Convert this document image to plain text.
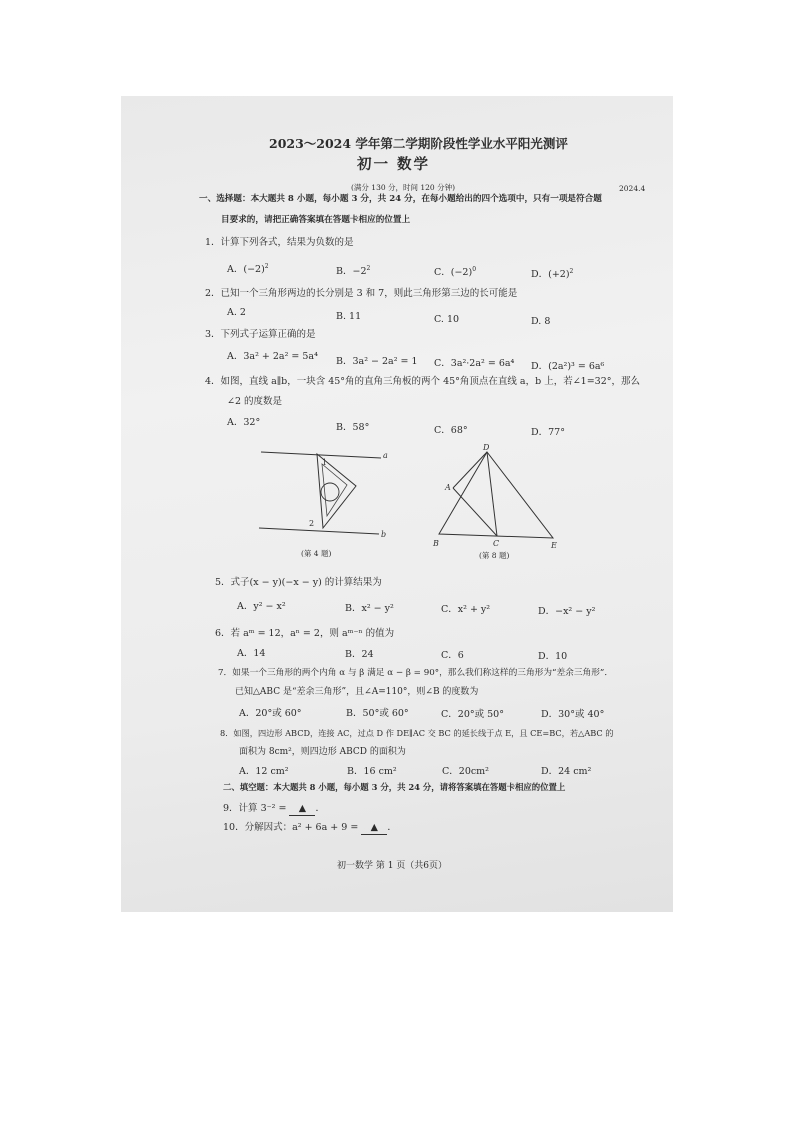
2023～2024 学年第二学期阶段性学业水平阳光测评
初一 数学
2024.4
(满分 130 分，时间 120 分钟)
一、选择题：本大题共 8 小题，每小题 3 分，共 24 分，在每小题给出的四个选项中，只有一项是符合题
目要求的，请把正确答案填在答题卡相应的位置上
1．计算下列各式，结果为负数的是
A．$(-2)^2$	B．$-2^2$	C．$(-2)^0$	D．$(+2)^2$
2．已知一个三角形两边的长分别是 3 和 7，则此三角形第三边的长可能是
A. 2	B. 11	C. 10	D. 8
3．下列式子运算正确的是
A．3a² + 2a² = 5a⁴ B．3a² − 2a² = 1 C．3a²·2a² = 6a⁴ D．(2a²)³ = 6a⁶
4．如图，直线 a∥b，一块含 45°角的直角三角板的两个 45°角顶点在直线 a，b 上，若∠1=32°，那么
∠2 的度数是
A．32°	B．58°	C．68°	D．77°
a
b
1
2
(第 4 题)
D
A
B	C	E
(第 8 题)
5．式子(x − y)(−x − y) 的计算结果为
A．y² − x²	B．x² − y²	C．x² + y²	D．−x² − y²
6．若 aᵐ = 12，aⁿ = 2，则 aᵐ⁻ⁿ 的值为
A．14	B．24	C．6	D．10
7．如果一个三角形的两个内角 α 与 β 满足 α − β = 90°，那么我们称这样的三角形为“差余三角形”．
已知△ABC 是“差余三角形”，且∠A=110°，则∠B 的度数为
A．20°或 60°	B．50°或 60°	C．20°或 50°	D．30°或 40°
8．如图，四边形 ABCD，连接 AC，过点 D 作 DE∥AC 交 BC 的延长线于点 E，且 CE=BC，若△ABC 的
面积为 8cm²，则四边形 ABCD 的面积为
A．12 cm²	B．16 cm²	C．20cm²	D．24 cm²
二、填空题：本大题共 8 小题，每小题 3 分，共 24 分，请将答案填在答题卡相应的位置上
9．计算 3⁻² = ▲ ．
10．分解因式：a² + 6a + 9 = ▲ ．
初一数学 第 1 页（共6页）
